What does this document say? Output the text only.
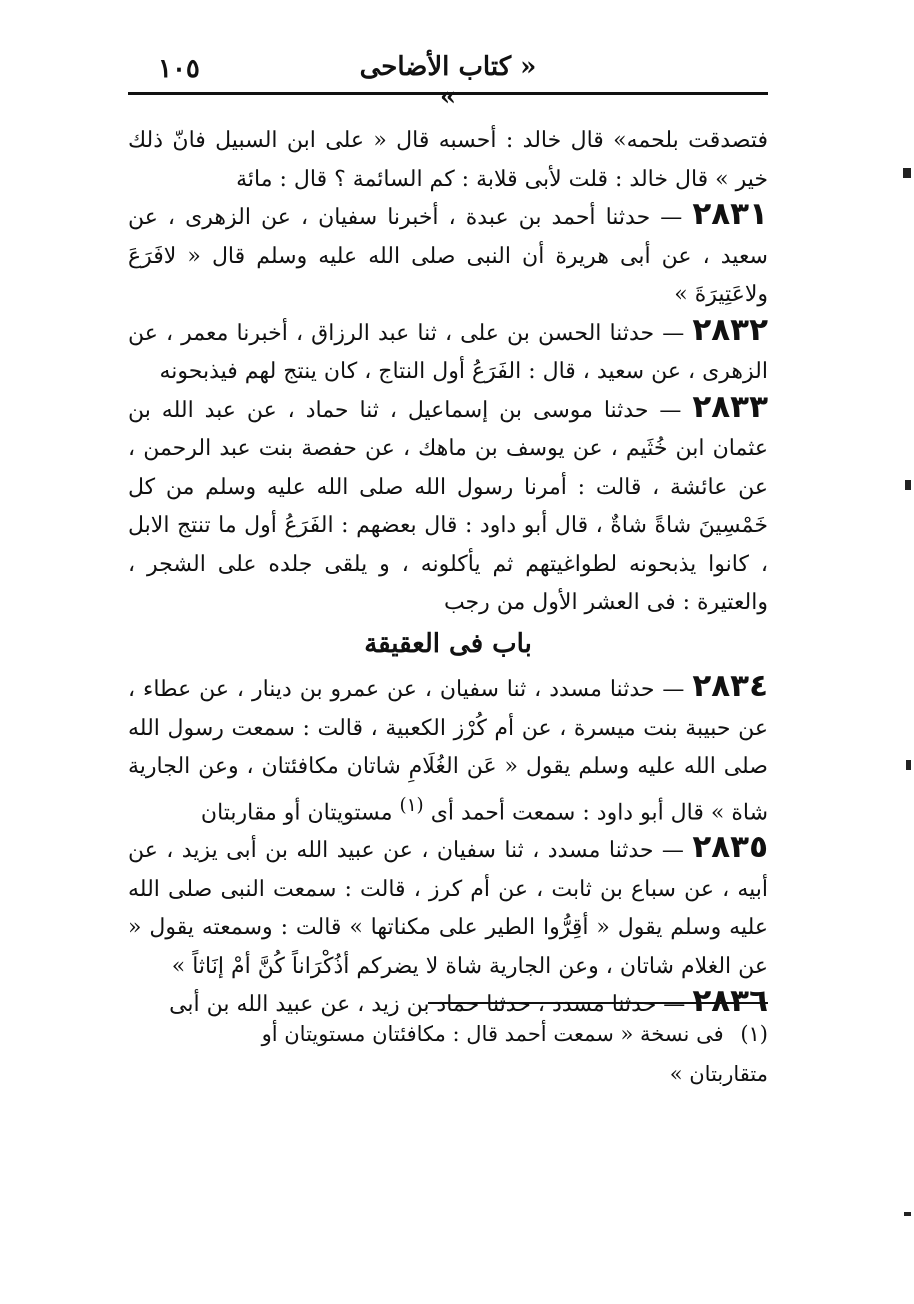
١٠٥	« كتاب الأضاحى »

فتصدقت بلحمه» قال خالد : أحسبه قال « على ابن السبيل فانّ ذلك خير » قال خالد : قلت لأبى قلابة : كم السائمة ؟ قال : مائة

٢٨٣١ — حدثنا أحمد بن عبدة ، أخبرنا سفيان ، عن الزهرى ، عن سعيد ، عن أبى هريرة أن النبى صلى الله عليه وسلم قال « لافَرَعَ ولاعَتِيرَةَ »

٢٨٣٢ — حدثنا الحسن بن على ، ثنا عبد الرزاق ، أخبرنا معمر ، عن الزهرى ، عن سعيد ، قال : الفَرَعُ أول النتاج ، كان ينتج لهم فيذبحونه

٢٨٣٣ — حدثنا موسى بن إسماعيل ، ثنا حماد ، عن عبد الله بن عثمان ابن خُثَيم ، عن يوسف بن ماهك ، عن حفصة بنت عبد الرحمن ، عن عائشة ، قالت : أمرنا رسول الله صلى الله عليه وسلم من كل خَمْسِينَ شاةً شاةٌ ، قال أبو داود : قال بعضهم : الفَرَعُ أول ما تنتج الابل ، كانوا يذبحونه لطواغيتهم ثم يأكلونه ، و يلقى جلده على الشجر ، والعتيرة : فى العشر الأول من رجب

باب فى العقيقة

٢٨٣٤ — حدثنا مسدد ، ثنا سفيان ، عن عمرو بن دينار ، عن عطاء ، عن حبيبة بنت ميسرة ، عن أم كُرْز الكعبية ، قالت : سمعت رسول الله صلى الله عليه وسلم يقول « عَن الغُلَامِ شاتان مكافئتان ، وعن الجارية شاة » قال أبو داود : سمعت أحمد أى $^{(١)}$ مستويتان أو مقاربتان

٢٨٣٥ — حدثنا مسدد ، ثنا سفيان ، عن عبيد الله بن أبى يزيد ، عن أبيه ، عن سباع بن ثابت ، عن أم كرز ، قالت : سمعت النبى صلى الله عليه وسلم يقول « أقِرُّوا الطير على مكناتها » قالت : وسمعته يقول « عن الغلام شاتان ، وعن الجارية شاة لا يضركم أذُكْرَاناً كُنَّ أمْ إنَاثاً »

٢٨٣٦ — حدثنا مسدد ، حدثنا حماد بن زيد ، عن عبيد الله بن أبى

(١) فى نسخة « سمعت أحمد قال : مكافئتان مستويتان أو متقاربتان »
